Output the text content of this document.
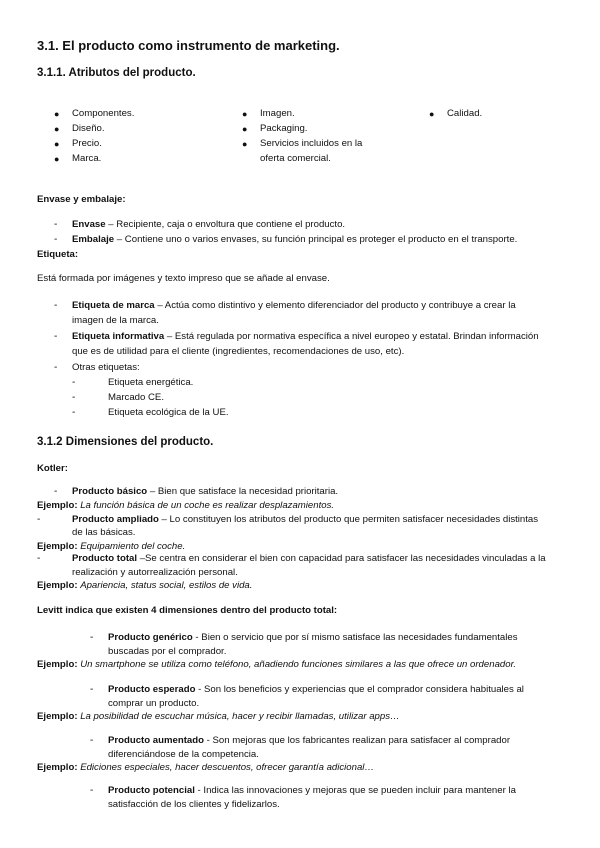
3.1. El producto como instrumento de marketing.
3.1.1. Atributos del producto.
● Componentes.
● Diseño.
● Precio.
● Marca.
● Imagen.
● Packaging.
● Servicios incluidos en la
oferta comercial.
● Calidad.
Envase y embalaje:
- Envase – Recipiente, caja o envoltura que contiene el producto.
- Embalaje – Contiene uno o varios envases, su función principal es proteger el producto en el transporte.
Etiqueta:
Está formada por imágenes y texto impreso que se añade al envase.
- Etiqueta de marca – Actúa como distintivo y elemento diferenciador del producto y contribuye a crear la
imagen de la marca.
- Etiqueta informativa – Está regulada por normativa específica a nivel europeo y estatal. Brindan información
que es de utilidad para el cliente (ingredientes, recomendaciones de uso, etc).
- Otras etiquetas:
-	Etiqueta energética.
-	Marcado CE.
-	Etiqueta ecológica de la UE.
3.1.2 Dimensiones del producto.
Kotler:
- Producto básico – Bien que satisface la necesidad prioritaria.
Ejemplo: La función básica de un coche es realizar desplazamientos.
-	Producto ampliado – Lo constituyen los atributos del producto que permiten satisfacer necesidades distintas
de las básicas.
Ejemplo: Equipamiento del coche.
-	Producto total –Se centra en considerar el bien con capacidad para satisfacer las necesidades vinculadas a la
realización y autorrealización personal.
Ejemplo: Apariencia, status social, estilos de vida.
Levitt indica que existen 4 dimensiones dentro del producto total:
- Producto genérico - Bien o servicio que por sí mismo satisface las necesidades fundamentales
buscadas por el comprador.
Ejemplo: Un smartphone se utiliza como teléfono, añadiendo funciones similares a las que ofrece un ordenador.
- Producto esperado - Son los beneficios y experiencias que el comprador considera habituales al
comprar un producto.
Ejemplo: La posibilidad de escuchar música, hacer y recibir llamadas, utilizar apps…
- Producto aumentado - Son mejoras que los fabricantes realizan para satisfacer al comprador
diferenciándose de la competencia.
Ejemplo: Ediciones especiales, hacer descuentos, ofrecer garantía adicional…
- Producto potencial - Indica las innovaciones y mejoras que se pueden incluir para mantener la
satisfacción de los clientes y fidelizarlos.
